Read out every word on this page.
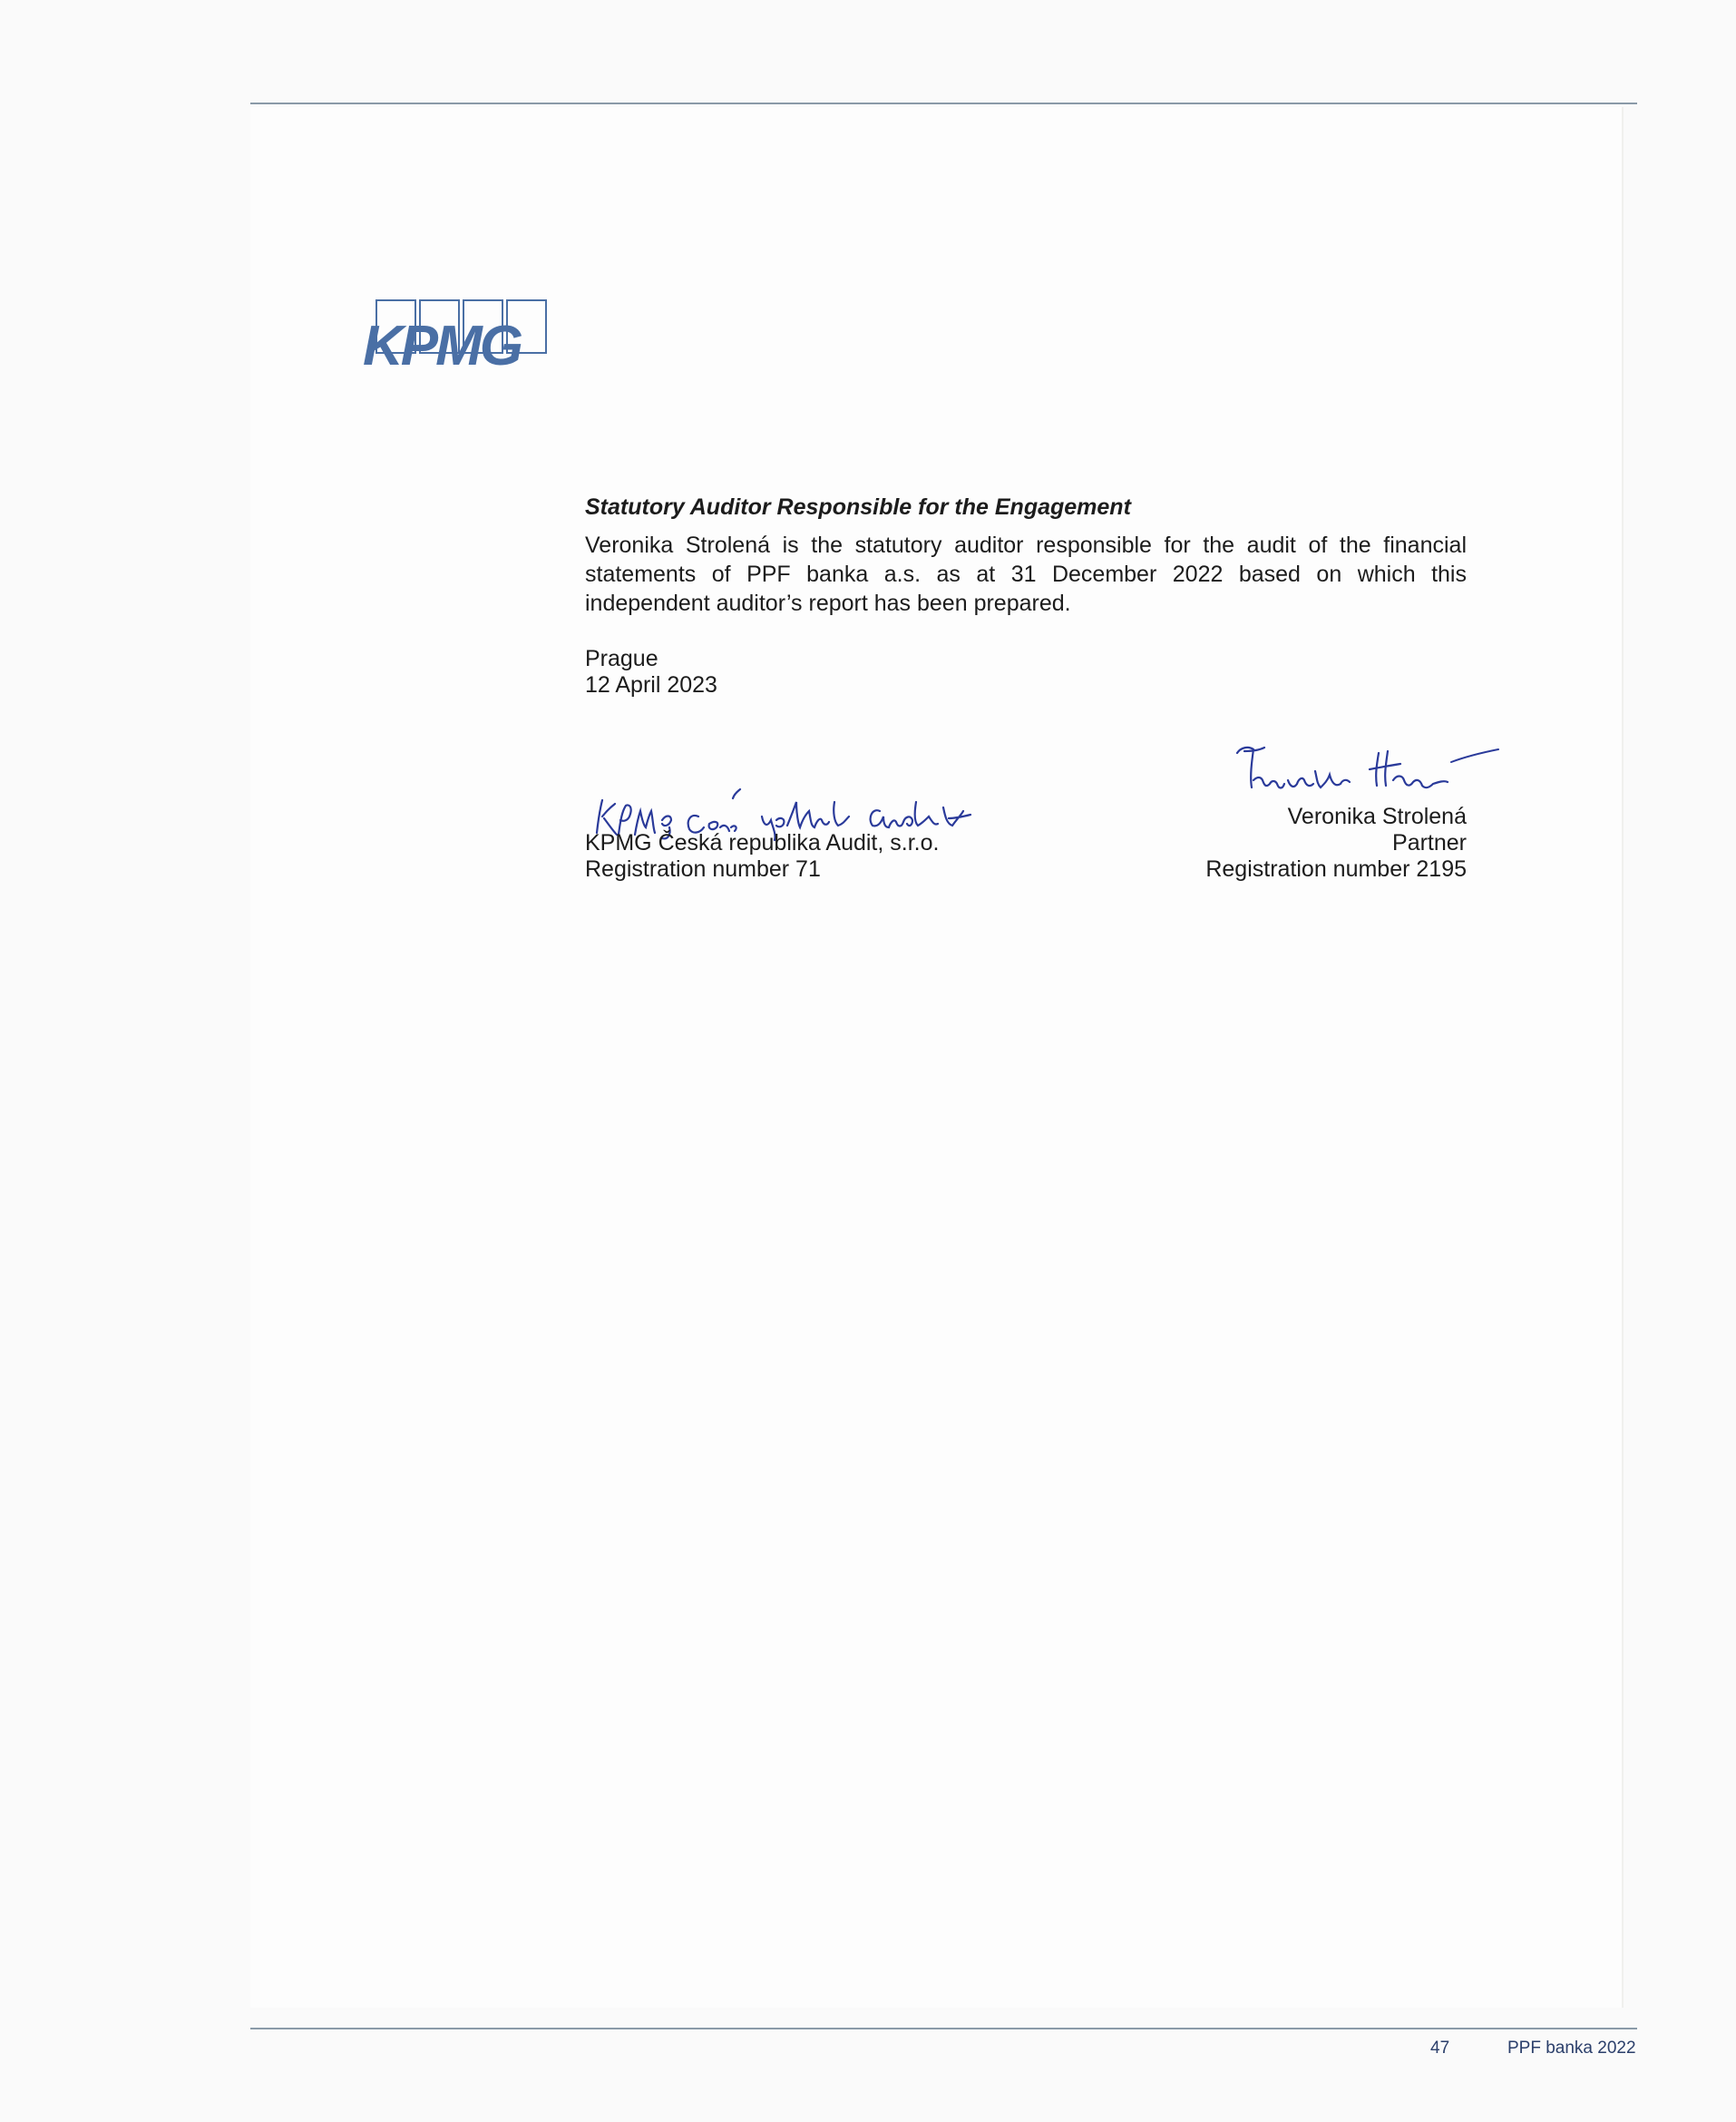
KPMG

Statutory Auditor Responsible for the Engagement

Veronika Strolená is the statutory auditor responsible for the audit of the financial statements of PPF banka a.s. as at 31 December 2022 based on which this independent auditor’s report has been prepared.

Prague
12 April 2023
KPMG Česká republika Audit, s.r.o.
Registration number 71
Veronika Strolená
Partner
Registration number 2195
47	PPF banka 2022
